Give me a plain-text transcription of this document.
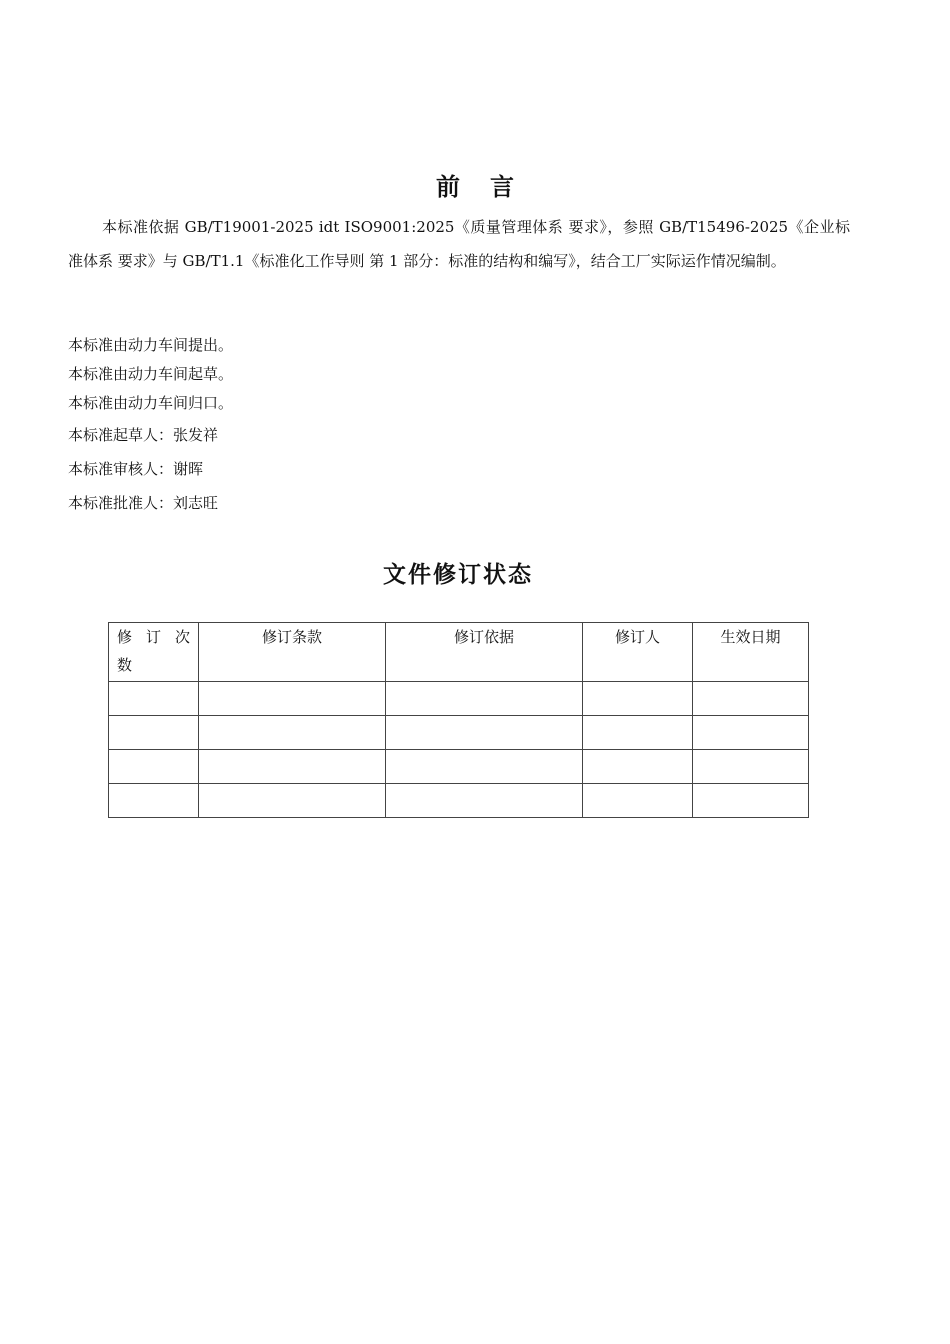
前言
本标准依据 GB/T19001-2025 idt ISO9001:2025《质量管理体系 要求》，参照 GB/T15496-2025《企业标准体系 要求》与 GB/T1.1《标准化工作导则 第 1 部分：标准的结构和编写》，结合工厂实际运作情况编制。
本标准由动力车间提出。
本标准由动力车间起草。
本标准由动力车间归口。
本标准起草人：张发祥
本标准审核人：谢晖
本标准批准人：刘志旺
文件修订状态
修 订 次 数	修订条款	修订依据	修订人	生效日期
